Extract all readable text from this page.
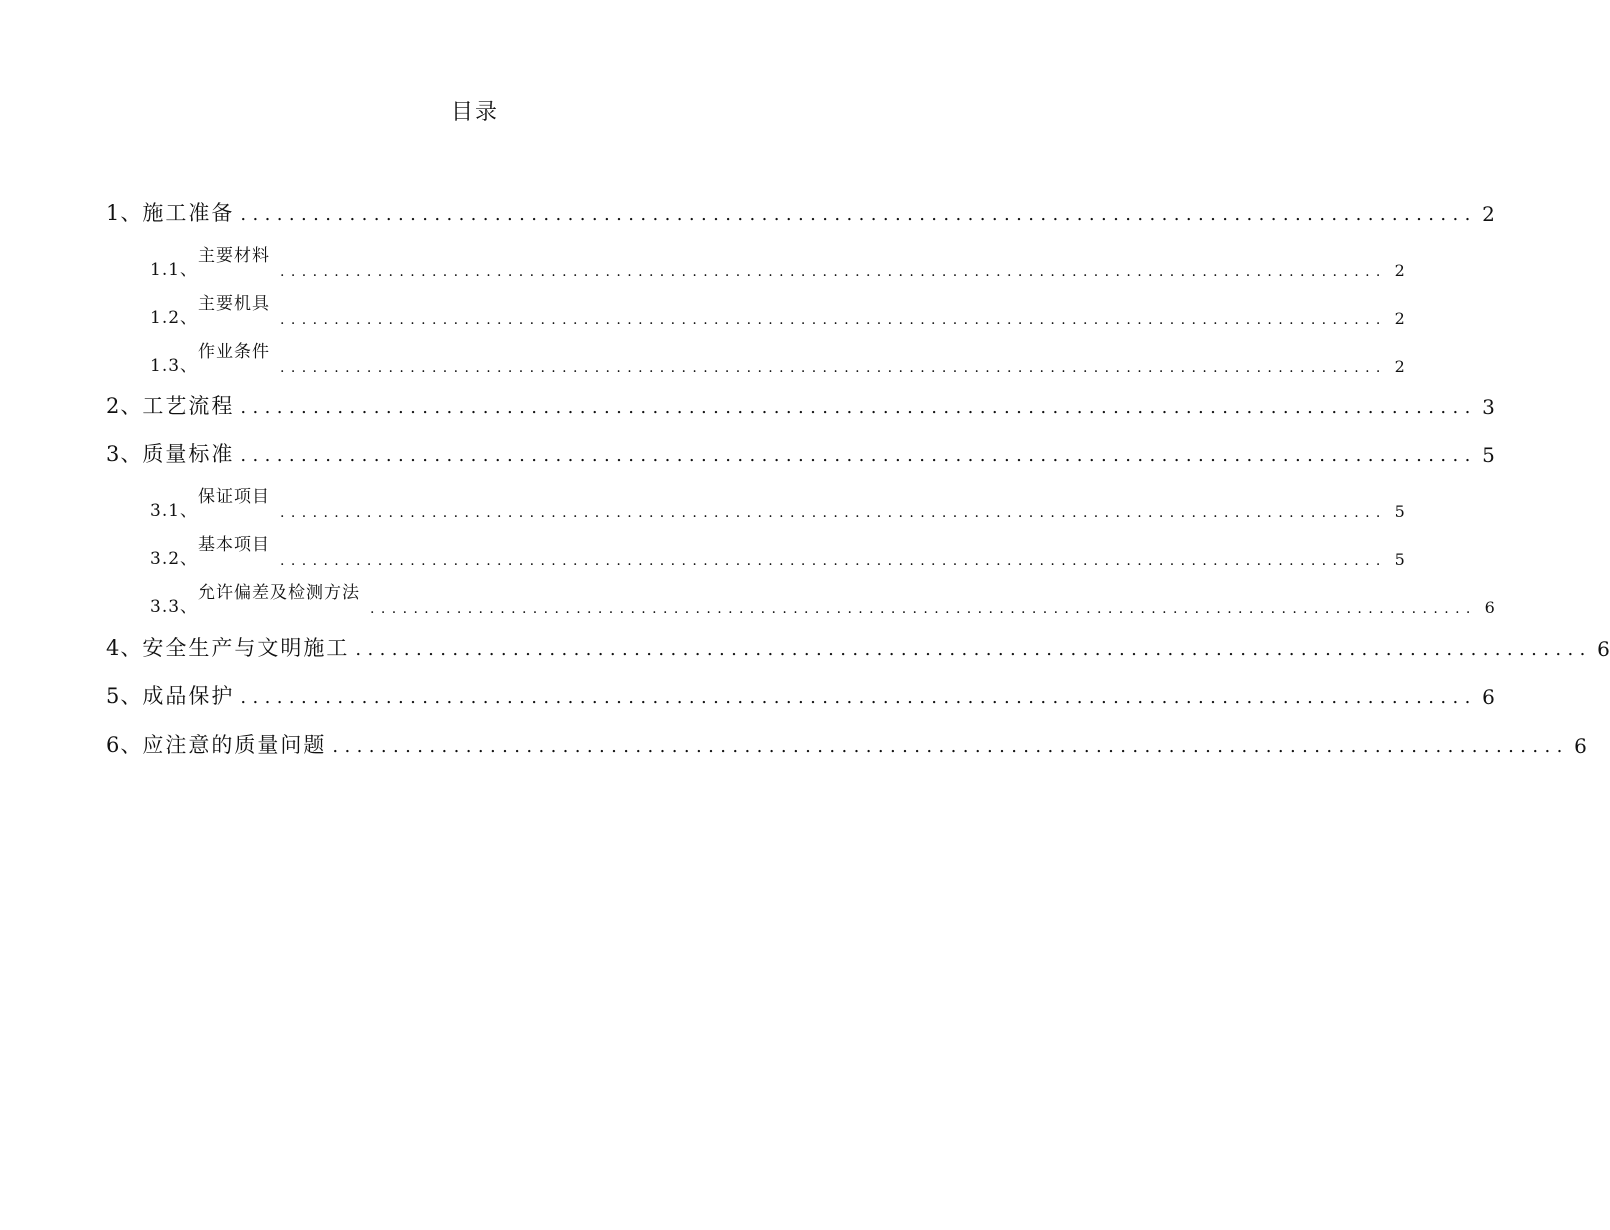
目录
1、 施工准备 ...................................................................................................... 2
1.1、
主要材料
...................................................................................................... 2
1.2、
主要机具
...................................................................................................... 2
1.3、
作业条件
...................................................................................................... 2
2、 工艺流程 ...................................................................................................... 3
3、 质量标准 ...................................................................................................... 5
3.1、
保证项目
...................................................................................................... 5
3.2、
基本项目
...................................................................................................... 5
3.3、
允许偏差及检测方法
...................................................................................................... 6
4、 安全生产与文明施工 ...................................................................................................... 6
5、 成品保护 ...................................................................................................... 6
6、 应注意的质量问题 ...................................................................................................... 6
